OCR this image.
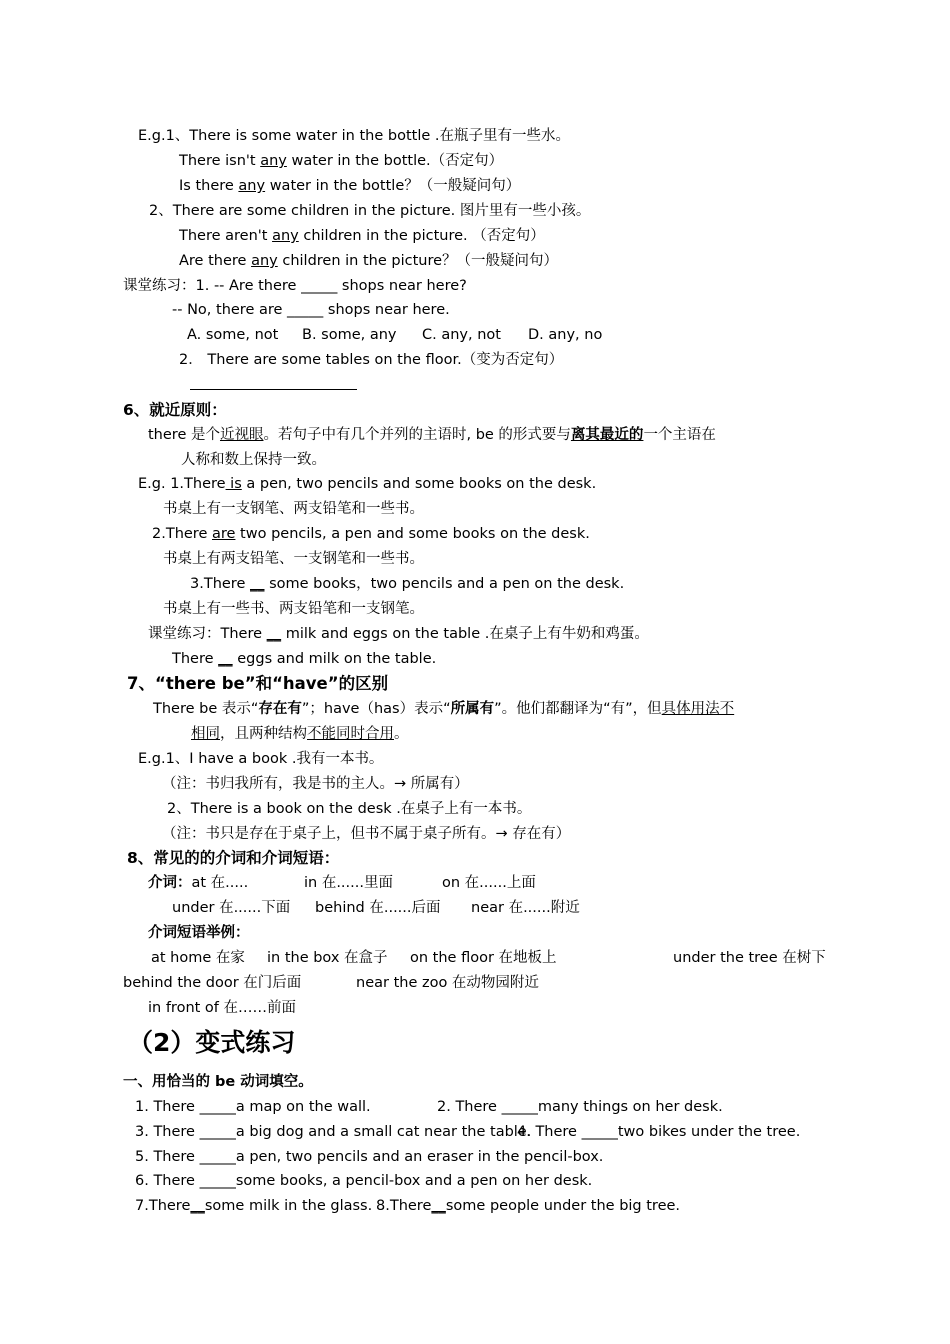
E.g.1、There is some water in the bottle .在瓶子里有一些水。
There isn't any water in the bottle.（否定句）
Is there any water in the bottle？（一般疑问句）
2、There are some children in the picture. 图片里有一些小孩。
There aren't any children in the picture. （否定句）
Are there any children in the picture？（一般疑问句）
课堂练习：1. -- Are there _____ shops near here?
-- No, there are _____ shops near here.
A. some, not B. some, any C. any, not D. any, no
2． There are some tables on the floor.（变为否定句）
6、就近原则：
there 是个近视眼。若句子中有几个并列的主语时, be 的形式要与离其最近的一个主语在
人称和数上保持一致。
E.g. 1.There is a pen, two pencils and some books on the desk.
书桌上有一支钢笔、两支铅笔和一些书。
2.There are two pencils, a pen and some books on the desk.
书桌上有两支铅笔、一支钢笔和一些书。
3.There __ some books，two pencils and a pen on the desk.
书桌上有一些书、两支铅笔和一支钢笔。
课堂练习：There __ milk and eggs on the table .在桌子上有牛奶和鸡蛋。
There __ eggs and milk on the table.
7、“there be”和“have”的区别
There be 表示“存在有”；have（has）表示“所属有”。他们都翻译为“有”，但具体用法不
相同，且两种结构不能同时合用。
E.g.1、I have a book .我有一本书。
（注：书归我所有，我是书的主人。→ 所属有）
2、There is a book on the desk .在桌子上有一本书。
（注：书只是存在于桌子上，但书不属于桌子所有。→ 存在有）
8、常见的的介词和介词短语：
介词：at 在.....	in 在......里面	on 在......上面
under 在......下面 behind 在......后面 near 在......附近
介词短语举例：
at home 在家 in the box 在盒子 on the floor 在地板上	under the tree 在树下
behind the door 在门后面	near the zoo 在动物园附近
in front of 在……前面
（2）变式练习
一、用恰当的 be 动词填空。
1. There _____a map on the wall.	2. There _____many things on her desk.
3. There _____a big dog and a small cat near the table.
4. There _____two bikes under the tree.
5. There _____a pen, two pencils and an eraser in the pencil-box.
6. There _____some books, a pencil-box and a pen on her desk.
7.There__some milk in the glass. 8.There__some people under the big tree.
